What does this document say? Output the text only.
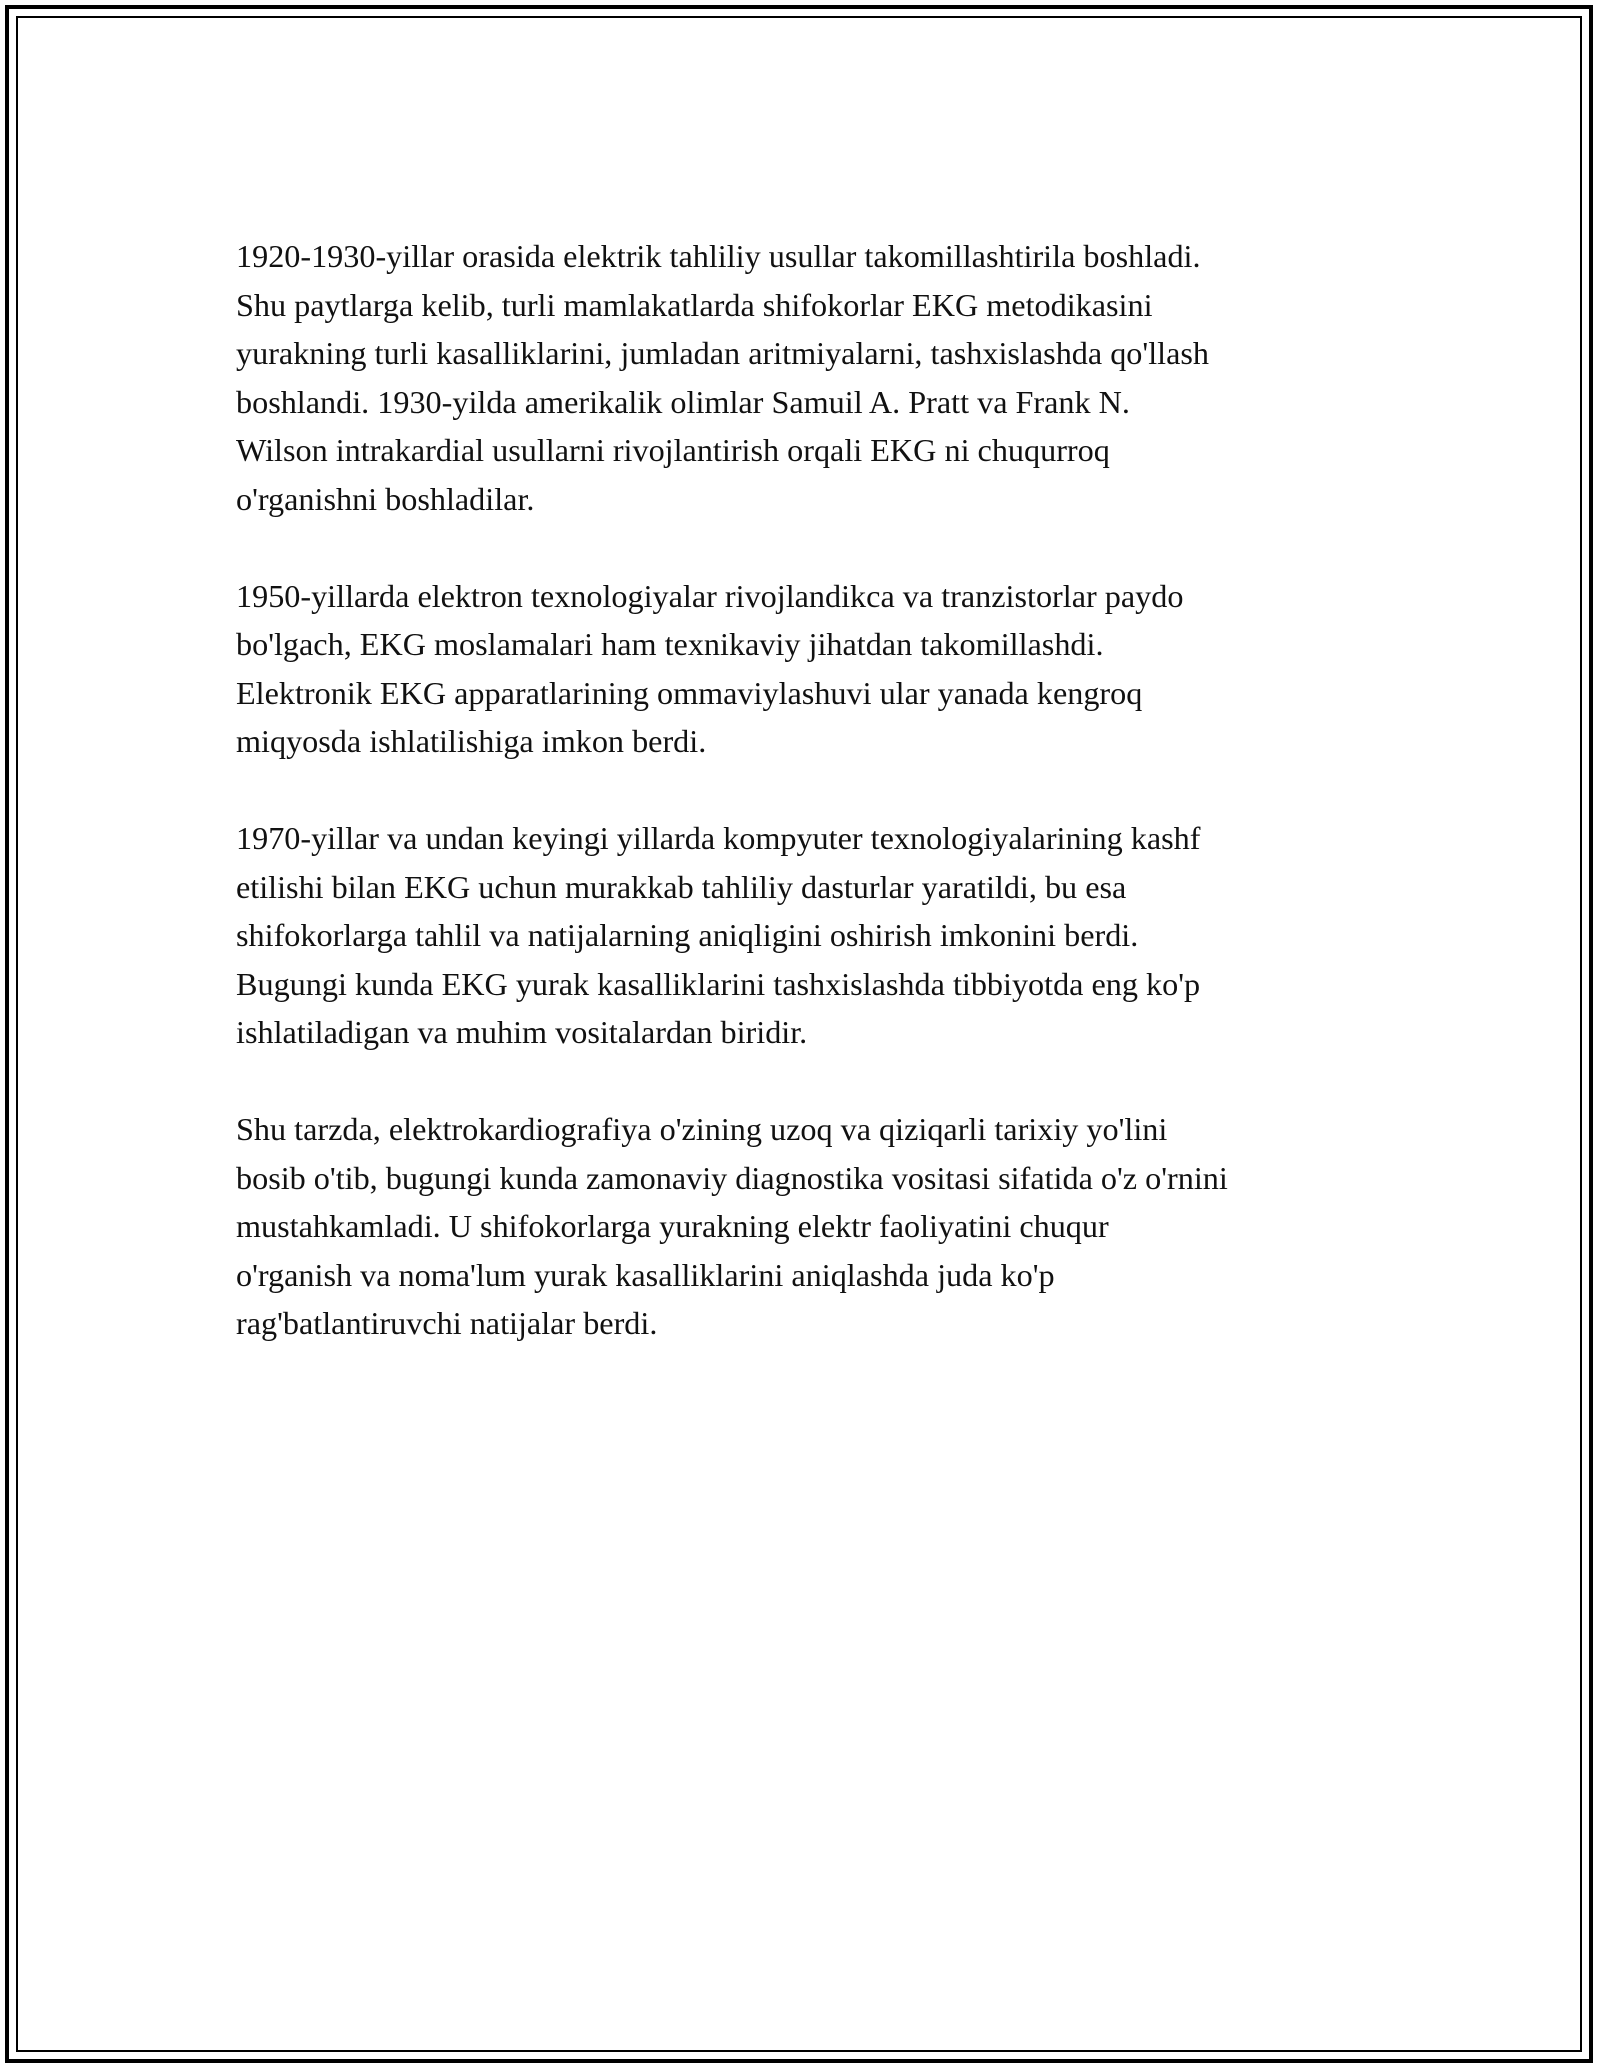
1920-1930-yillar orasida elektrik tahliliy usullar takomillashtirila boshladi.
Shu paytlarga kelib, turli mamlakatlarda shifokorlar EKG metodikasini
yurakning turli kasalliklarini, jumladan aritmiyalarni, tashxislashda qo'llash
boshlandi. 1930-yilda amerikalik olimlar Samuil A. Pratt va Frank N.
Wilson intrakardial usullarni rivojlantirish orqali EKG ni chuqurroq
o'rganishni boshladilar.

1950-yillarda elektron texnologiyalar rivojlandikca va tranzistorlar paydo
bo'lgach, EKG moslamalari ham texnikaviy jihatdan takomillashdi.
Elektronik EKG apparatlarining ommaviylashuvi ular yanada kengroq
miqyosda ishlatilishiga imkon berdi.

1970-yillar va undan keyingi yillarda kompyuter texnologiyalarining kashf
etilishi bilan EKG uchun murakkab tahliliy dasturlar yaratildi, bu esa
shifokorlarga tahlil va natijalarning aniqligini oshirish imkonini berdi.
Bugungi kunda EKG yurak kasalliklarini tashxislashda tibbiyotda eng ko'p
ishlatiladigan va muhim vositalardan biridir.

Shu tarzda, elektrokardiografiya o'zining uzoq va qiziqarli tarixiy yo'lini
bosib o'tib, bugungi kunda zamonaviy diagnostika vositasi sifatida o'z o'rnini
mustahkamladi. U shifokorlarga yurakning elektr faoliyatini chuqur
o'rganish va noma'lum yurak kasalliklarini aniqlashda juda ko'p
rag'batlantiruvchi natijalar berdi.
